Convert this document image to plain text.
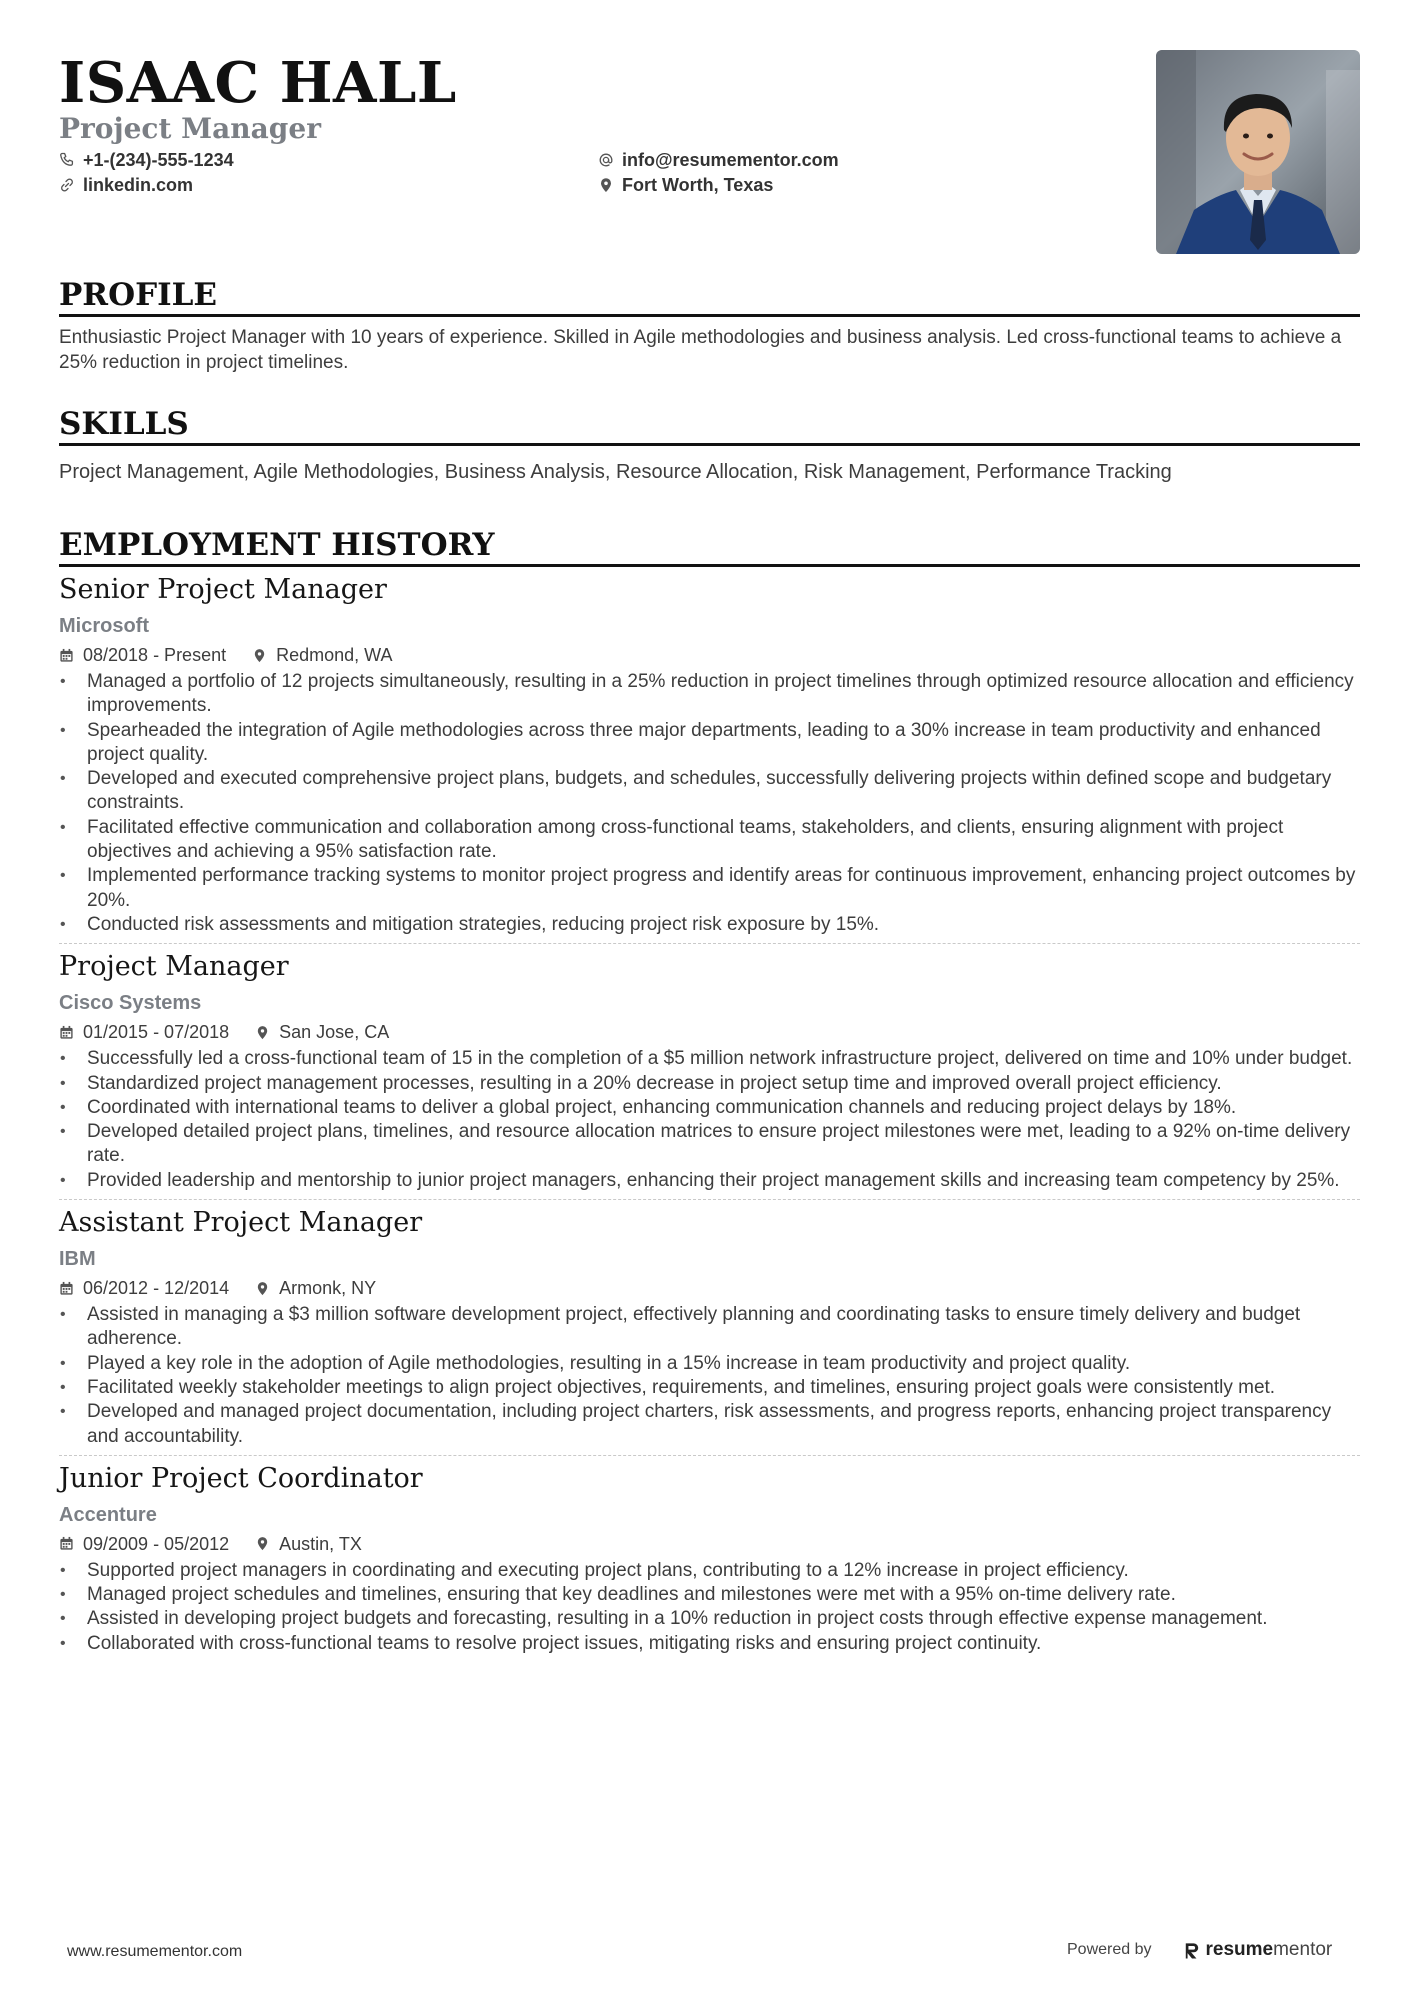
ISAAC HALL
Project Manager
+1-(234)-555-1234
linkedin.com
info@resumementor.com
Fort Worth, Texas
PROFILE
Enthusiastic Project Manager with 10 years of experience. Skilled in Agile methodologies and business analysis. Led cross-functional teams to achieve a 25% reduction in project timelines.
SKILLS
Project Management, Agile Methodologies, Business Analysis, Resource Allocation, Risk Management, Performance Tracking
EMPLOYMENT HISTORY
Senior Project Manager
Microsoft
08/2018 - Present	Redmond, WA
• Managed a portfolio of 12 projects simultaneously, resulting in a 25% reduction in project timelines through optimized resource allocation and efficiency improvements.
• Spearheaded the integration of Agile methodologies across three major departments, leading to a 30% increase in team productivity and enhanced project quality.
• Developed and executed comprehensive project plans, budgets, and schedules, successfully delivering projects within defined scope and budgetary constraints.
• Facilitated effective communication and collaboration among cross-functional teams, stakeholders, and clients, ensuring alignment with project objectives and achieving a 95% satisfaction rate.
• Implemented performance tracking systems to monitor project progress and identify areas for continuous improvement, enhancing project outcomes by 20%.
• Conducted risk assessments and mitigation strategies, reducing project risk exposure by 15%.
Project Manager
Cisco Systems
01/2015 - 07/2018	San Jose, CA
• Successfully led a cross-functional team of 15 in the completion of a $5 million network infrastructure project, delivered on time and 10% under budget.
• Standardized project management processes, resulting in a 20% decrease in project setup time and improved overall project efficiency.
• Coordinated with international teams to deliver a global project, enhancing communication channels and reducing project delays by 18%.
• Developed detailed project plans, timelines, and resource allocation matrices to ensure project milestones were met, leading to a 92% on-time delivery rate.
• Provided leadership and mentorship to junior project managers, enhancing their project management skills and increasing team competency by 25%.
Assistant Project Manager
IBM
06/2012 - 12/2014	Armonk, NY
• Assisted in managing a $3 million software development project, effectively planning and coordinating tasks to ensure timely delivery and budget adherence.
• Played a key role in the adoption of Agile methodologies, resulting in a 15% increase in team productivity and project quality.
• Facilitated weekly stakeholder meetings to align project objectives, requirements, and timelines, ensuring project goals were consistently met.
• Developed and managed project documentation, including project charters, risk assessments, and progress reports, enhancing project transparency and accountability.
Junior Project Coordinator
Accenture
09/2009 - 05/2012	Austin, TX
• Supported project managers in coordinating and executing project plans, contributing to a 12% increase in project efficiency.
• Managed project schedules and timelines, ensuring that key deadlines and milestones were met with a 95% on-time delivery rate.
• Assisted in developing project budgets and forecasting, resulting in a 10% reduction in project costs through effective expense management.
• Collaborated with cross-functional teams to resolve project issues, mitigating risks and ensuring project continuity.
www.resumementor.com	Powered by	resumementor
